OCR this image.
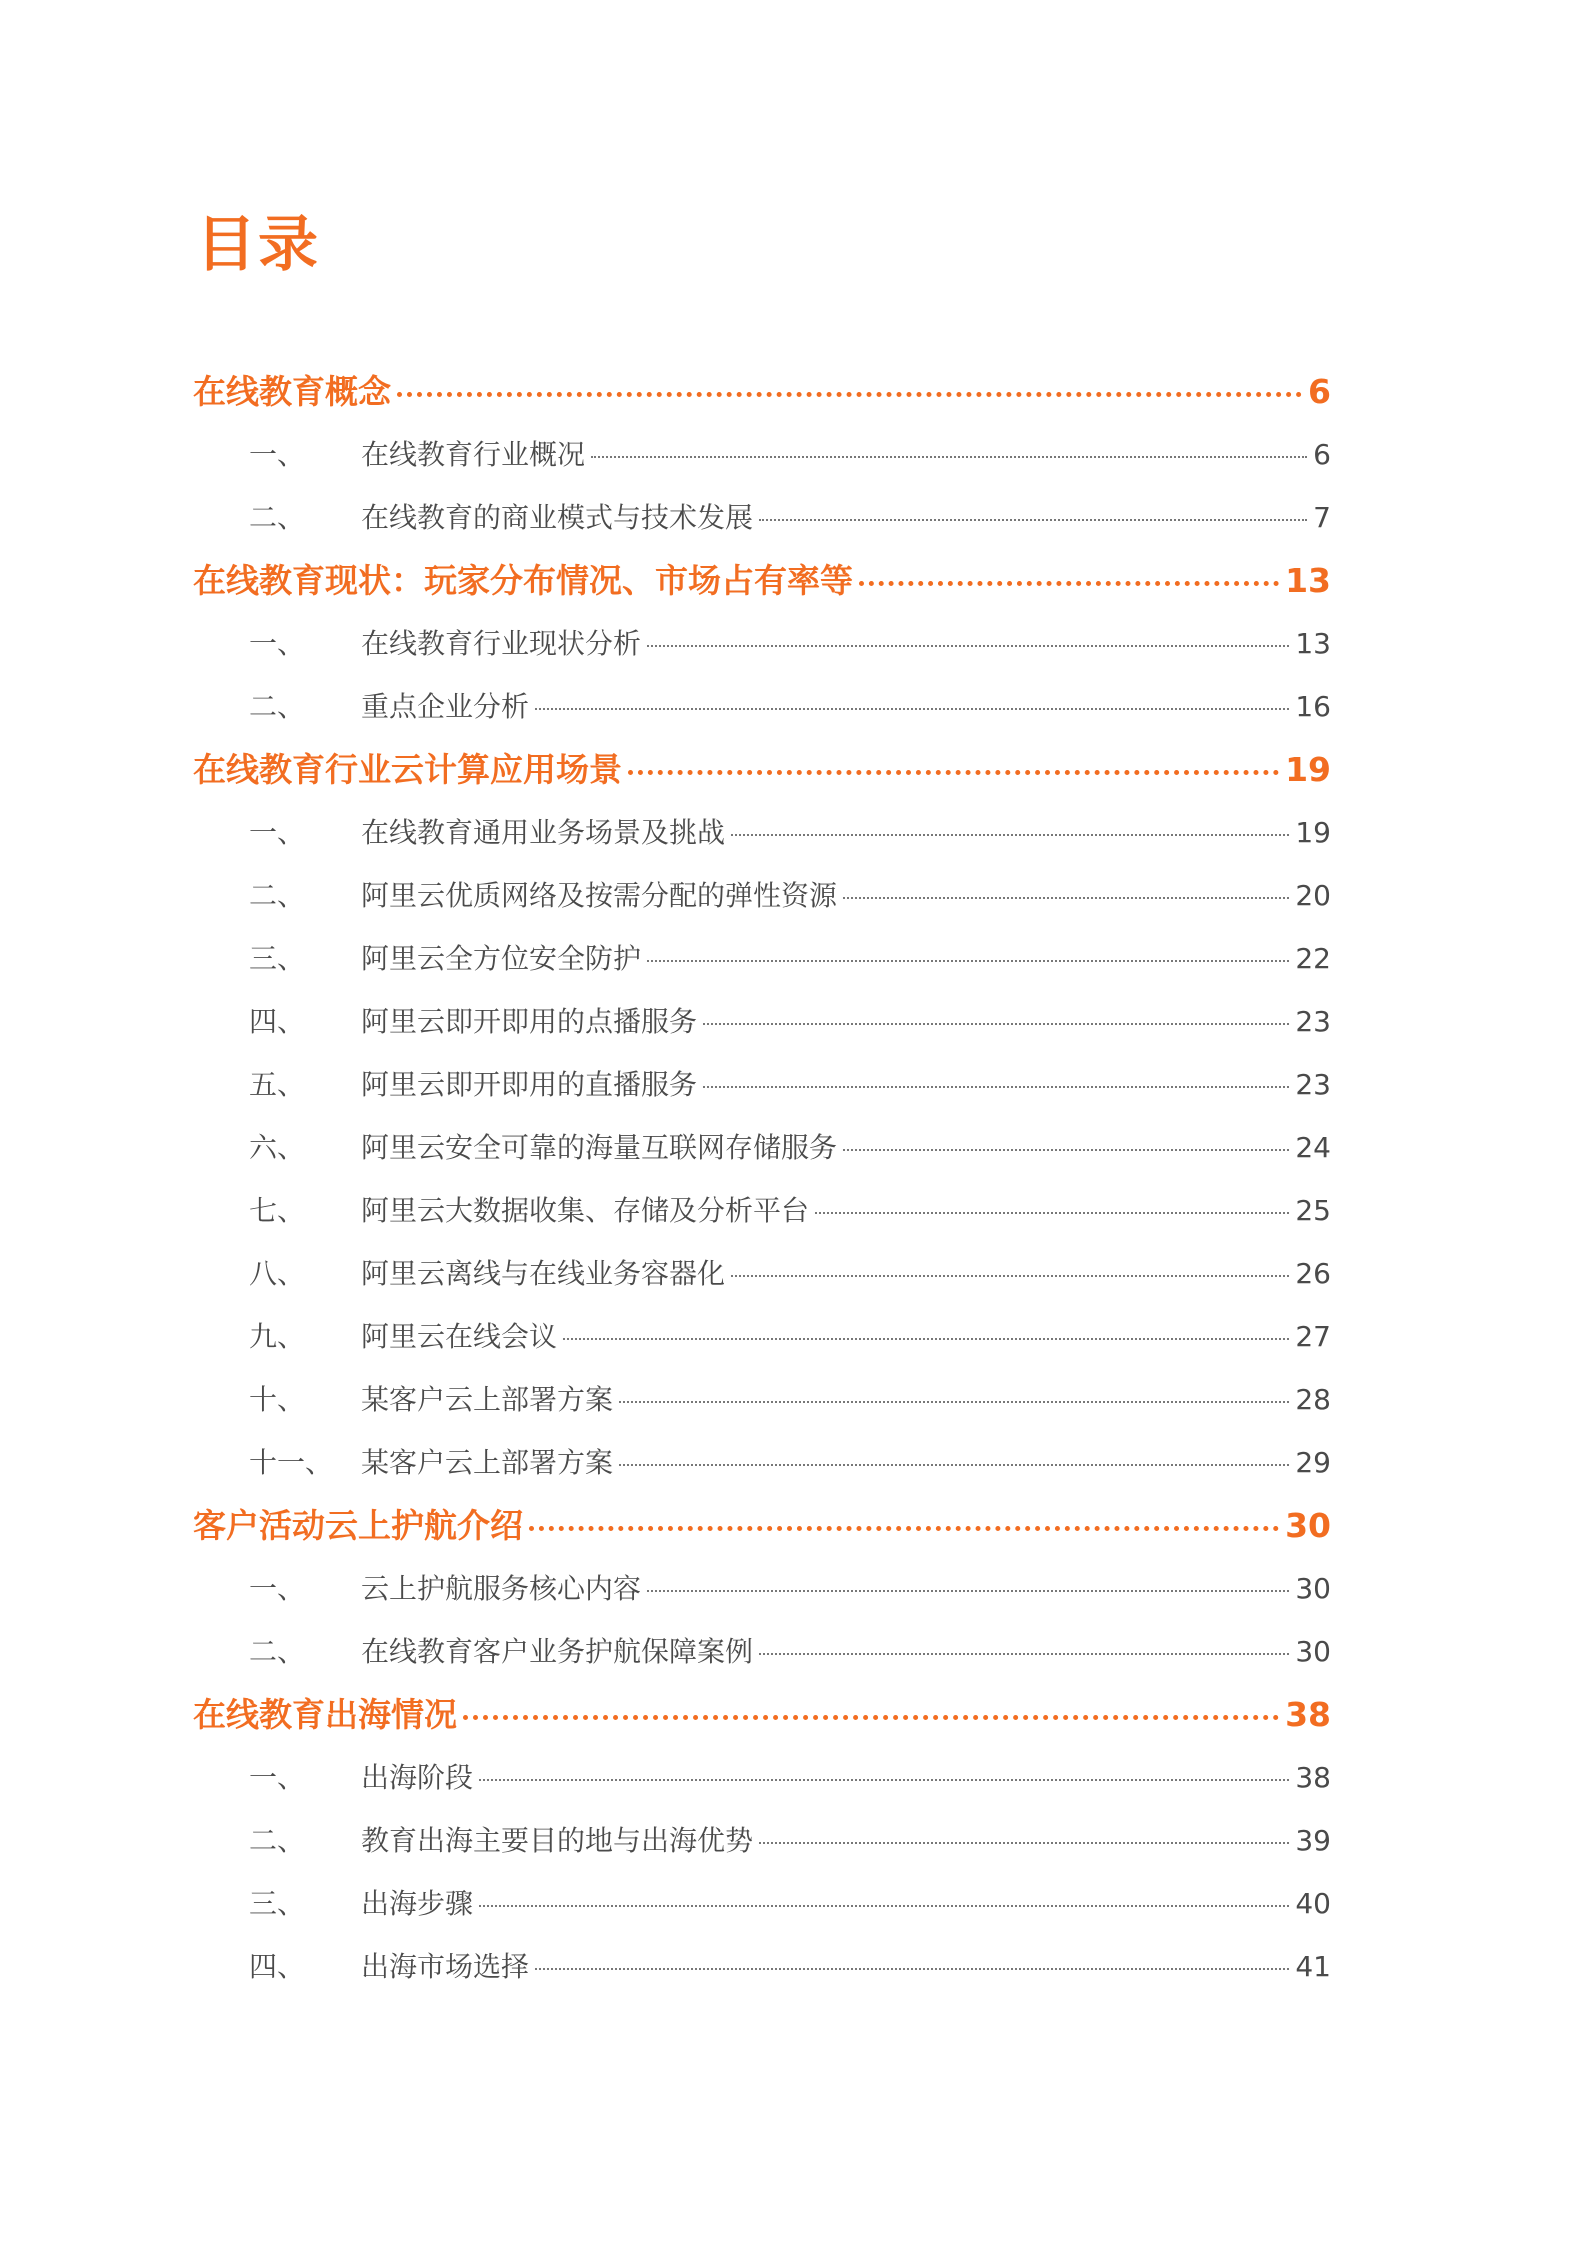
目录
在线教育概念	6
一、	在线教育行业概况	6
二、	在线教育的商业模式与技术发展	7
在线教育现状：玩家分布情况、市场占有率等	13
一、	在线教育行业现状分析	13
二、	重点企业分析	16
在线教育行业云计算应用场景	19
一、	在线教育通用业务场景及挑战	19
二、	阿里云优质网络及按需分配的弹性资源	20
三、	阿里云全方位安全防护	22
四、	阿里云即开即用的点播服务	23
五、	阿里云即开即用的直播服务	23
六、	阿里云安全可靠的海量互联网存储服务	24
七、	阿里云大数据收集、存储及分析平台	25
八、	阿里云离线与在线业务容器化	26
九、	阿里云在线会议	27
十、	某客户云上部署方案	28
十一、 某客户云上部署方案	29
客户活动云上护航介绍	30
一、	云上护航服务核心内容	30
二、	在线教育客户业务护航保障案例	30
在线教育出海情况	38
一、	出海阶段	38
二、	教育出海主要目的地与出海优势	39
三、	出海步骤	40
四、	出海市场选择	41
